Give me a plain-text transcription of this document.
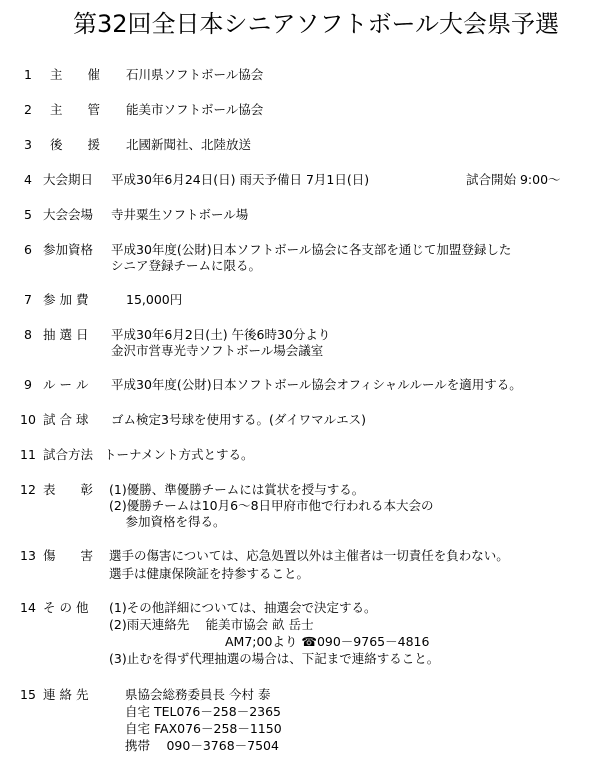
第32回全日本シニアソフトボール大会県予選
1 主　　催 石川県ソフトボール協会
2 主　　管 能美市ソフトボール協会
3 後　　援 北國新聞社、北陸放送
4 大会期日 平成30年6月24日(日) 雨天予備日 7月1日(日)	試合開始 9:00～
5 大会会場 寺井粟生ソフトボール場
6 参加資格 平成30年度(公財)日本ソフトボール協会に各支部を通じて加盟登録した
シニア登録チームに限る。
7 参 加 費	15,000円
8 抽 選 日 平成30年6月2日(土) 午後6時30分より
金沢市営専光寺ソフトボール場会議室
9 ル ー ル 平成30年度(公財)日本ソフトボール協会オフィシャルルールを適用する。
10 試 合 球 ゴム検定3号球を使用する。(ダイワマルエス)
11 試合方法 トーナメント方式とする。
12 表　　彰 (1)優勝、準優勝チームには賞状を授与する。
(2)優勝チームは10月6～8日甲府市他で行われる本大会の
　 参加資格を得る。
13 傷　　害 選手の傷害については、応急処置以外は主催者は一切責任を負わない。
選手は健康保険証を持参すること。
14 そ の 他 (1)その他詳細については、抽選会で決定する。
(2)雨天連絡先　 能美市協会 畝 岳士
AM7;00より ☎090－9765－4816
(3)止むを得ず代理抽選の場合は、下記まで連絡すること。
15 連 絡 先	県協会総務委員長 今村 泰
自宅 TEL076－258－2365
自宅 FAX076－258－1150
携帯　 090－3768－7504
